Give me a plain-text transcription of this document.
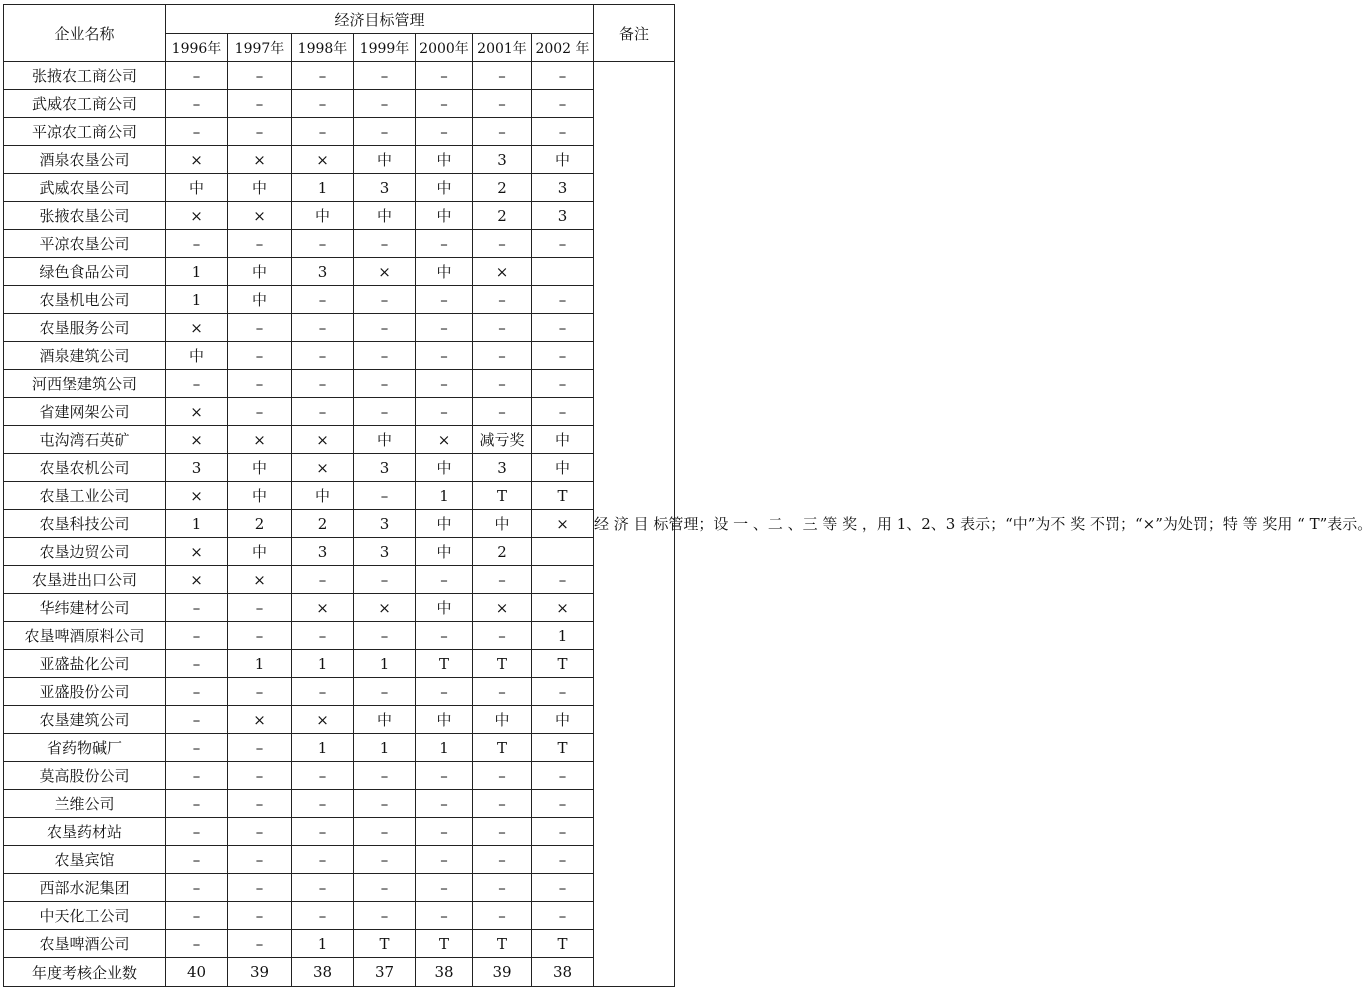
企业名称	经济目标管理							备注
	1996年	1997年	1998年	1999年	2000年	2001年	2002 年	
张掖农工商公司	–	–	–	–	–	–	–	经 济 目 标管理；设 一 、二 、三 等 奖 ，用 1、2、3 表示；“中”为不 奖 不罚；“×”为处罚；特 等 奖用 “ T”表示。
武威农工商公司	–	–	–	–	–	–	–	
平凉农工商公司	–	–	–	–	–	–	–	
酒泉农垦公司	×	×	×	中	中	3	中	
武威农垦公司	中	中	1	3	中	2	3	
张掖农垦公司	×	×	中	中	中	2	3	
平凉农垦公司	–	–	–	–	–	–	–	
绿色食品公司	1	中	3	×	中	×		
农垦机电公司	1	中	–	–	–	–	–	
农垦服务公司	×	–	–	–	–	–	–	
酒泉建筑公司	中	–	–	–	–	–	–	
河西堡建筑公司	–	–	–	–	–	–	–	
省建网架公司	×	–	–	–	–	–	–	
屯沟湾石英矿	×	×	×	中	×	减亏奖	中	
农垦农机公司	3	中	×	3	中	3	中	
农垦工业公司	×	中	中	–	1	T	T	
农垦科技公司	1	2	2	3	中	中	×	
农垦边贸公司	×	中	3	3	中	2		
农垦进出口公司	×	×	–	–	–	–	–	
华纬建材公司	–	–	×	×	中	×	×	
农垦啤酒原料公司	–	–	–	–	–	–	1	
亚盛盐化公司	–	1	1	1	T	T	T	
亚盛股份公司	–	–	–	–	–	–	–	
农垦建筑公司	–	×	×	中	中	中	中	
省药物碱厂	–	–	1	1	1	T	T	
莫高股份公司	–	–	–	–	–	–	–	
兰维公司	–	–	–	–	–	–	–	
农垦药材站	–	–	–	–	–	–	–	
农垦宾馆	–	–	–	–	–	–	–	
西部水泥集团	–	–	–	–	–	–	–	
中天化工公司	–	–	–	–	–	–	–	
农垦啤酒公司	–	–	1	T	T	T	T	
年度考核企业数	40	39	38	37	38	39	38	
